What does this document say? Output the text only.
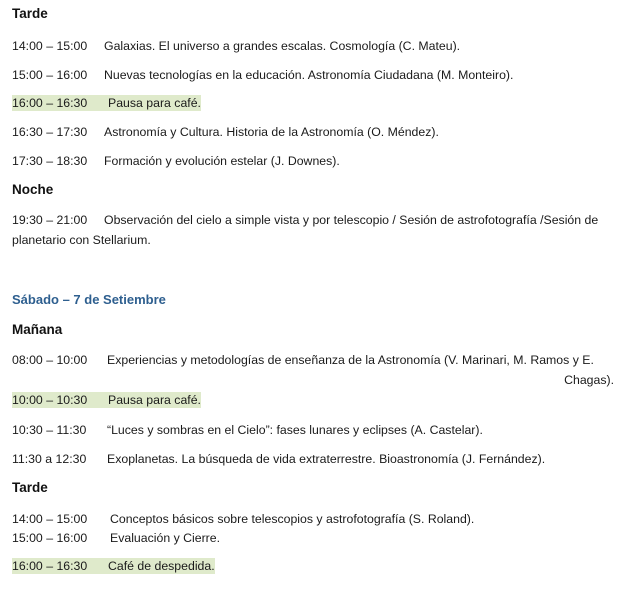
Tarde
14:00 – 15:00 Galaxias. El universo a grandes escalas. Cosmología (C. Mateu).
15:00 – 16:00 Nuevas tecnologías en la educación. Astronomía Ciudadana (M. Monteiro).
16:00 – 16:30 Pausa para café.
16:30 – 17:30 Astronomía y Cultura. Historia de la Astronomía (O. Méndez).
17:30 – 18:30 Formación y evolución estelar (J. Downes).
Noche
19:30 – 21:00 Observación del cielo a simple vista y por telescopio / Sesión de astrofotografía /Sesión de
planetario con Stellarium.
Sábado – 7 de Setiembre
Mañana
08:00 – 10:00 Experiencias y metodologías de enseñanza de la Astronomía (V. Marinari, M. Ramos y E.
Chagas).
10:00 – 10:30 Pausa para café.
10:30 – 11:30 “Luces y sombras en el Cielo”: fases lunares y eclipses (A. Castelar).
11:30 a 12:30 Exoplanetas. La búsqueda de vida extraterrestre. Bioastronomía (J. Fernández).
Tarde
14:00 – 15:00 Conceptos básicos sobre telescopios y astrofotografía (S. Roland).
15:00 – 16:00 Evaluación y Cierre.
16:00 – 16:30 Café de despedida.
